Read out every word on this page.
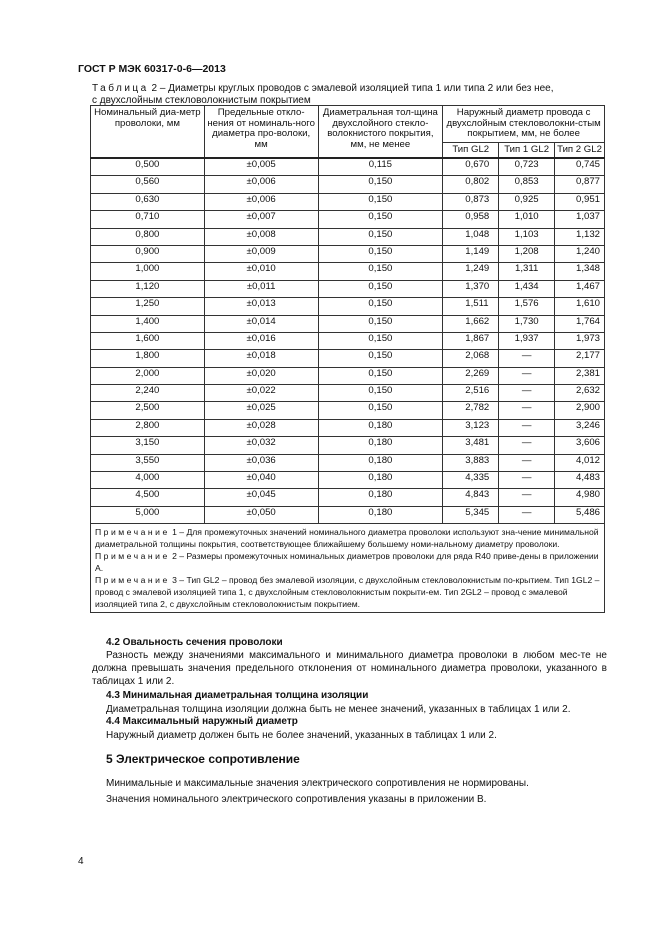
ГОСТ Р МЭК 60317-0-6—2013
Таблица 2 – Диаметры круглых проводов с эмалевой изоляцией типа 1 или типа 2 или без нее,
с двухслойным стекловолокнистым покрытием
Номинальный диа-метр проволоки, мм	Предельные откло-нения от номиналь-ного диаметра про-волоки, мм	Диаметральная тол-щина двухслойного стекло-волокнистого покрытия, мм, не менее	Наружный диаметр провода с двухслойным стекловолокни-стым покрытием, мм, не более		
			Тип GL2	Тип 1 GL2	Тип 2 GL2
0,500	±0,005	0,115	0,670	0,723	0,745
0,560	±0,006	0,150	0,802	0,853	0,877
0,630	±0,006	0,150	0,873	0,925	0,951
0,710	±0,007	0,150	0,958	1,010	1,037
0,800	±0,008	0,150	1,048	1,103	1,132
0,900	±0,009	0,150	1,149	1,208	1,240
1,000	±0,010	0,150	1,249	1,311	1,348
1,120	±0,011	0,150	1,370	1,434	1,467
1,250	±0,013	0,150	1,511	1,576	1,610
1,400	±0,014	0,150	1,662	1,730	1,764
1,600	±0,016	0,150	1,867	1,937	1,973
1,800	±0,018	0,150	2,068	—	2,177
2,000	±0,020	0,150	2,269	—	2,381
2,240	±0,022	0,150	2,516	—	2,632
2,500	±0,025	0,150	2,782	—	2,900
2,800	±0,028	0,180	3,123	—	3,246
3,150	±0,032	0,180	3,481	—	3,606
3,550	±0,036	0,180	3,883	—	4,012
4,000	±0,040	0,180	4,335	—	4,483
4,500	±0,045	0,180	4,843	—	4,980
5,000	±0,050	0,180	5,345	—	5,486

Примечание 1 – Для промежуточных значений номинального диаметра проволоки используют зна-чение минимальной диаметральной толщины покрытия, соответствующее ближайшему большему номи-нальному диаметру проволоки.
Примечание 2 – Размеры промежуточных номинальных диаметров проволоки для ряда R40 приве-дены в приложении А.
Примечание 3 – Тип GL2 – провод без эмалевой изоляции, с двухслойным стекловолокнистым по-крытием. Тип 1GL2 – провод с эмалевой изоляцией типа 1, с двухслойным стекловолокнистым покрыти-ем. Тип 2GL2 – провод с эмалевой изоляцией типа 2, с двухслойным стекловолокнистым покрытием.					
4.2 Овальность сечения проволоки
Разность между значениями максимального и минимального диаметра проволоки в любом мес-те не должна превышать значения предельного отклонения от номинального диаметра проволоки, указанного в таблицах 1 или 2.
4.3 Минимальная диаметральная толщина изоляции
Диаметральная толщина изоляции должна быть не менее значений, указанных в таблицах 1 или 2.
4.4 Максимальный наружный диаметр
Наружный диаметр должен быть не более значений, указанных в таблицах 1 или 2.
5 Электрическое сопротивление
Минимальные и максимальные значения электрического сопротивления не нормированы.
Значения номинального электрического сопротивления указаны в приложении В.
4
